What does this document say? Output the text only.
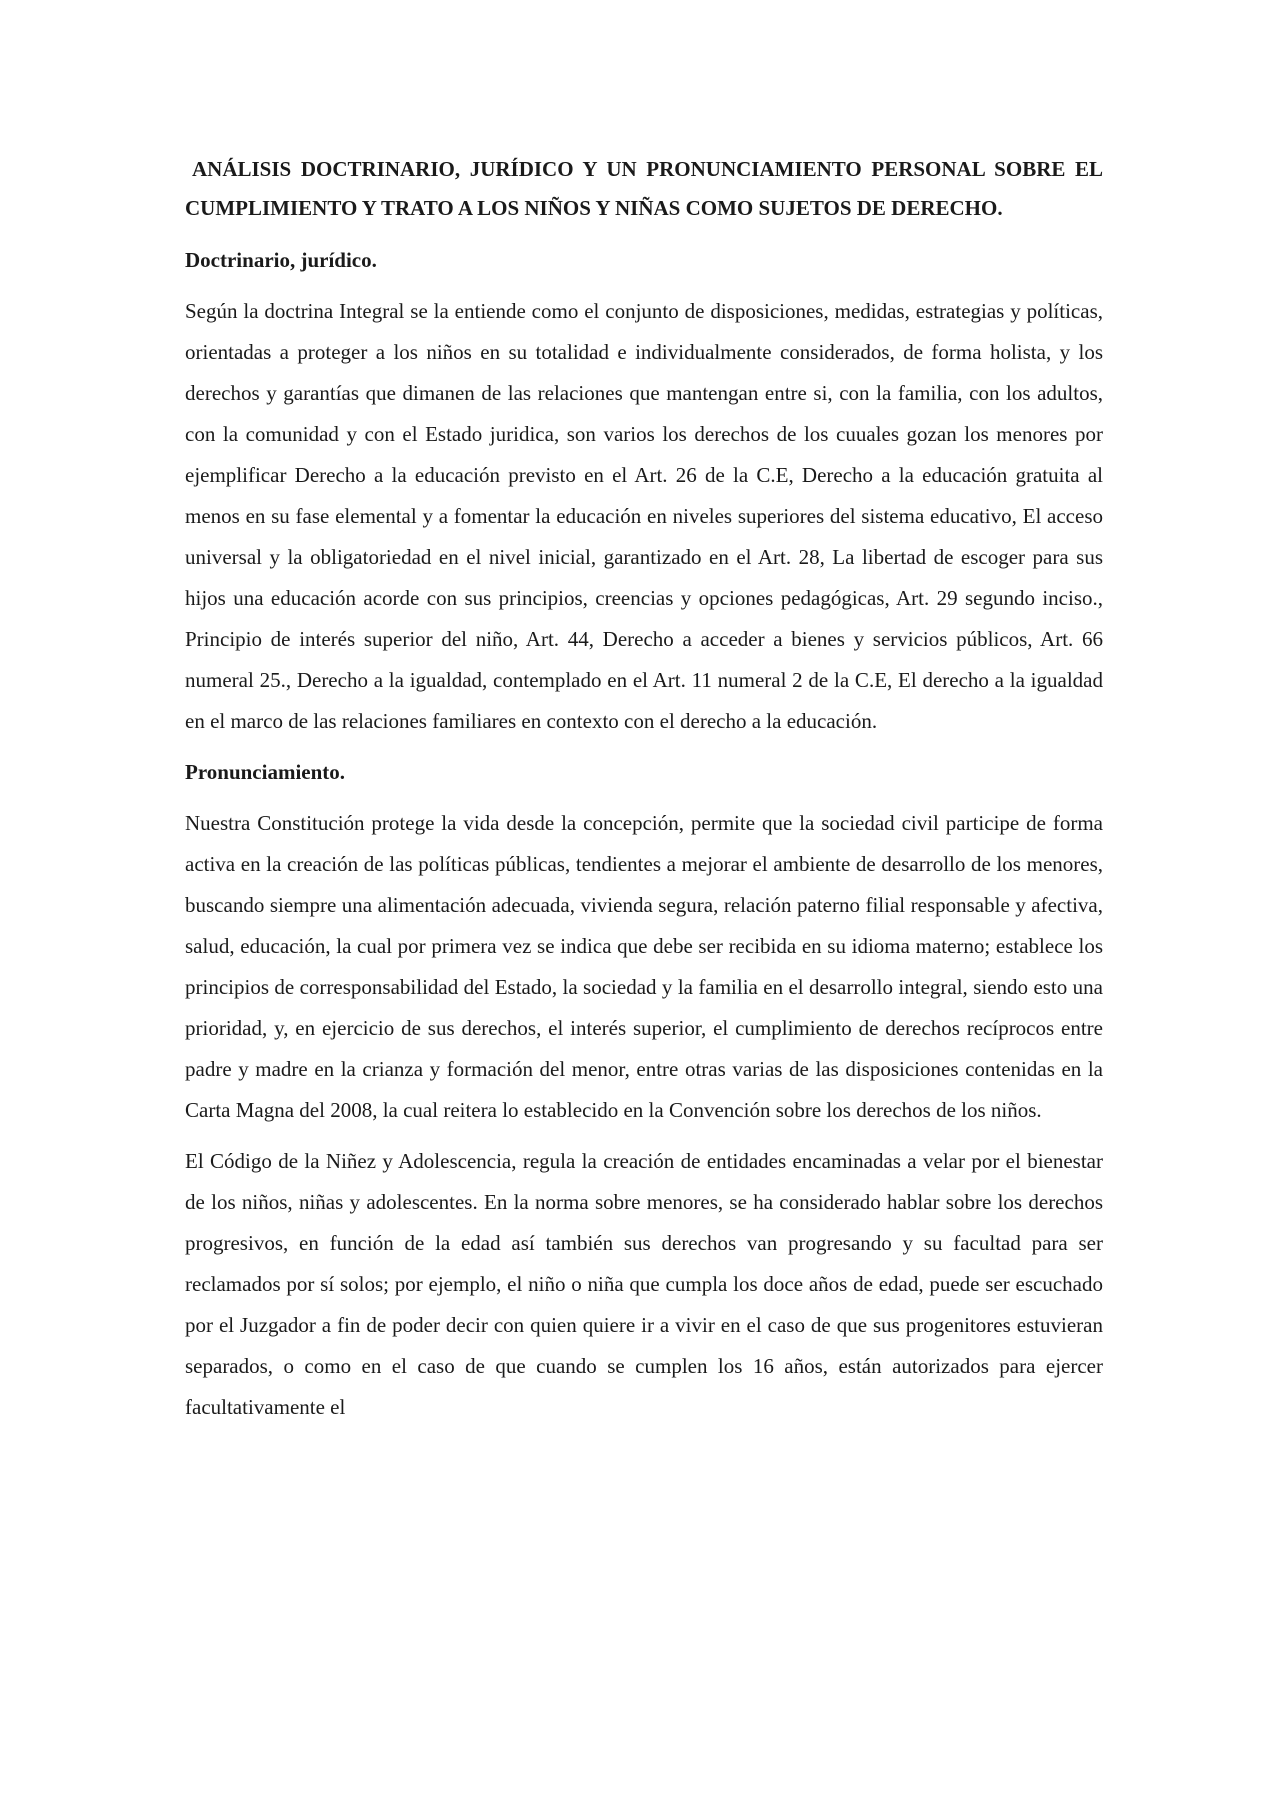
ANÁLISIS DOCTRINARIO, JURÍDICO Y UN PRONUNCIAMIENTO PERSONAL SOBRE EL CUMPLIMIENTO Y TRATO A LOS NIÑOS Y NIÑAS COMO SUJETOS DE DERECHO.

Doctrinario, jurídico.

Según la doctrina Integral se la entiende como el conjunto de disposiciones, medidas, estrategias y políticas, orientadas a proteger a los niños en su totalidad e individualmente considerados, de forma holista, y los derechos y garantías que dimanen de las relaciones que mantengan entre si, con la familia, con los adultos, con la comunidad y con el Estado juridica, son varios los derechos de los cuuales gozan los menores por ejemplificar Derecho a la educación previsto en el Art. 26 de la C.E, Derecho a la educación gratuita al menos en su fase elemental y a fomentar la educación en niveles superiores del sistema educativo, El acceso universal y la obligatoriedad en el nivel inicial, garantizado en el Art. 28, La libertad de escoger para sus hijos una educación acorde con sus principios, creencias y opciones pedagógicas, Art. 29 segundo inciso., Principio de interés superior del niño, Art. 44, Derecho a acceder a bienes y servicios públicos, Art. 66 numeral 25., Derecho a la igualdad, contemplado en el Art. 11 numeral 2 de la C.E, El derecho a la igualdad en el marco de las relaciones familiares en contexto con el derecho a la educación.

Pronunciamiento.

Nuestra Constitución protege la vida desde la concepción, permite que la sociedad civil participe de forma activa en la creación de las políticas públicas, tendientes a mejorar el ambiente de desarrollo de los menores, buscando siempre una alimentación adecuada, vivienda segura, relación paterno filial responsable y afectiva, salud, educación, la cual por primera vez se indica que debe ser recibida en su idioma materno; establece los principios de corresponsabilidad del Estado, la sociedad y la familia en el desarrollo integral, siendo esto una prioridad, y, en ejercicio de sus derechos, el interés superior, el cumplimiento de derechos recíprocos entre padre y madre en la crianza y formación del menor, entre otras varias de las disposiciones contenidas en la Carta Magna del 2008, la cual reitera lo establecido en la Convención sobre los derechos de los niños.

El Código de la Niñez y Adolescencia, regula la creación de entidades encaminadas a velar por el bienestar de los niños, niñas y adolescentes. En la norma sobre menores, se ha considerado hablar sobre los derechos progresivos, en función de la edad así también sus derechos van progresando y su facultad para ser reclamados por sí solos; por ejemplo, el niño o niña que cumpla los doce años de edad, puede ser escuchado por el Juzgador a fin de poder decir con quien quiere ir a vivir en el caso de que sus progenitores estuvieran separados, o como en el caso de que cuando se cumplen los 16 años, están autorizados para ejercer facultativamente el
